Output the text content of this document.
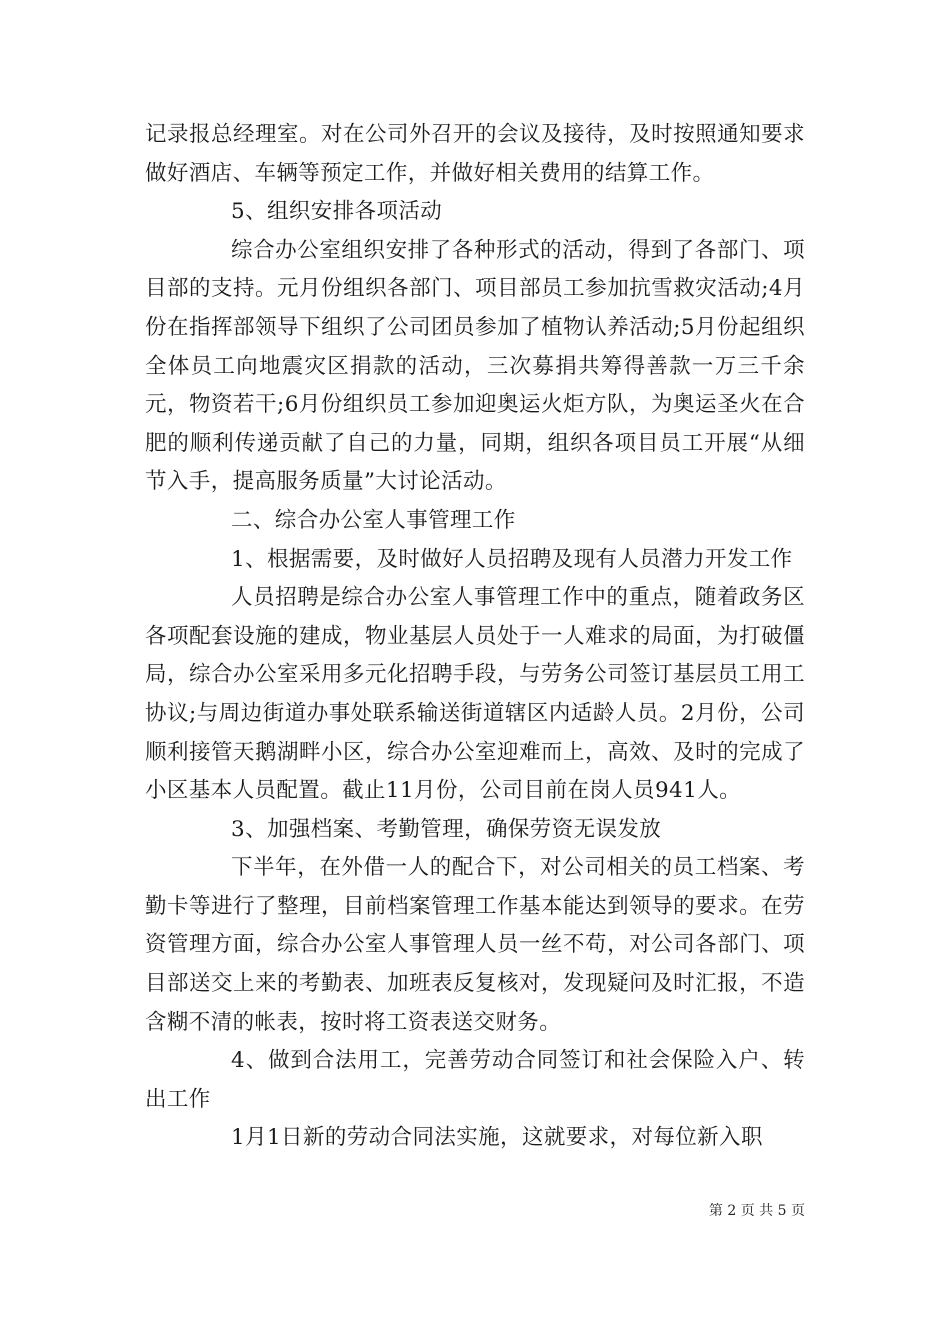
记录报总经理室。对在公司外召开的会议及接待，及时按照通知要求做好酒店、车辆等预定工作，并做好相关费用的结算工作。

5、组织安排各项活动

综合办公室组织安排了各种形式的活动，得到了各部门、项目部的支持。元月份组织各部门、项目部员工参加抗雪救灾活动;4月份在指挥部领导下组织了公司团员参加了植物认养活动;5月份起组织全体员工向地震灾区捐款的活动，三次募捐共筹得善款一万三千余元，物资若干;6月份组织员工参加迎奥运火炬方队，为奥运圣火在合肥的顺利传递贡献了自己的力量，同期，组织各项目员工开展“从细节入手，提高服务质量”大讨论活动。

二、综合办公室人事管理工作

1、根据需要，及时做好人员招聘及现有人员潜力开发工作

人员招聘是综合办公室人事管理工作中的重点，随着政务区各项配套设施的建成，物业基层人员处于一人难求的局面，为打破僵局，综合办公室采用多元化招聘手段，与劳务公司签订基层员工用工协议;与周边街道办事处联系输送街道辖区内适龄人员。2月份，公司顺利接管天鹅湖畔小区，综合办公室迎难而上，高效、及时的完成了小区基本人员配置。截止11月份，公司目前在岗人员941人。

3、加强档案、考勤管理，确保劳资无误发放

下半年，在外借一人的配合下，对公司相关的员工档案、考勤卡等进行了整理，目前档案管理工作基本能达到领导的要求。在劳资管理方面，综合办公室人事管理人员一丝不苟，对公司各部门、项目部送交上来的考勤表、加班表反复核对，发现疑问及时汇报，不造含糊不清的帐表，按时将工资表送交财务。

4、做到合法用工，完善劳动合同签订和社会保险入户、转出工作

1月1日新的劳动合同法实施，这就要求，对每位新入职

第 2 页 共 5 页
